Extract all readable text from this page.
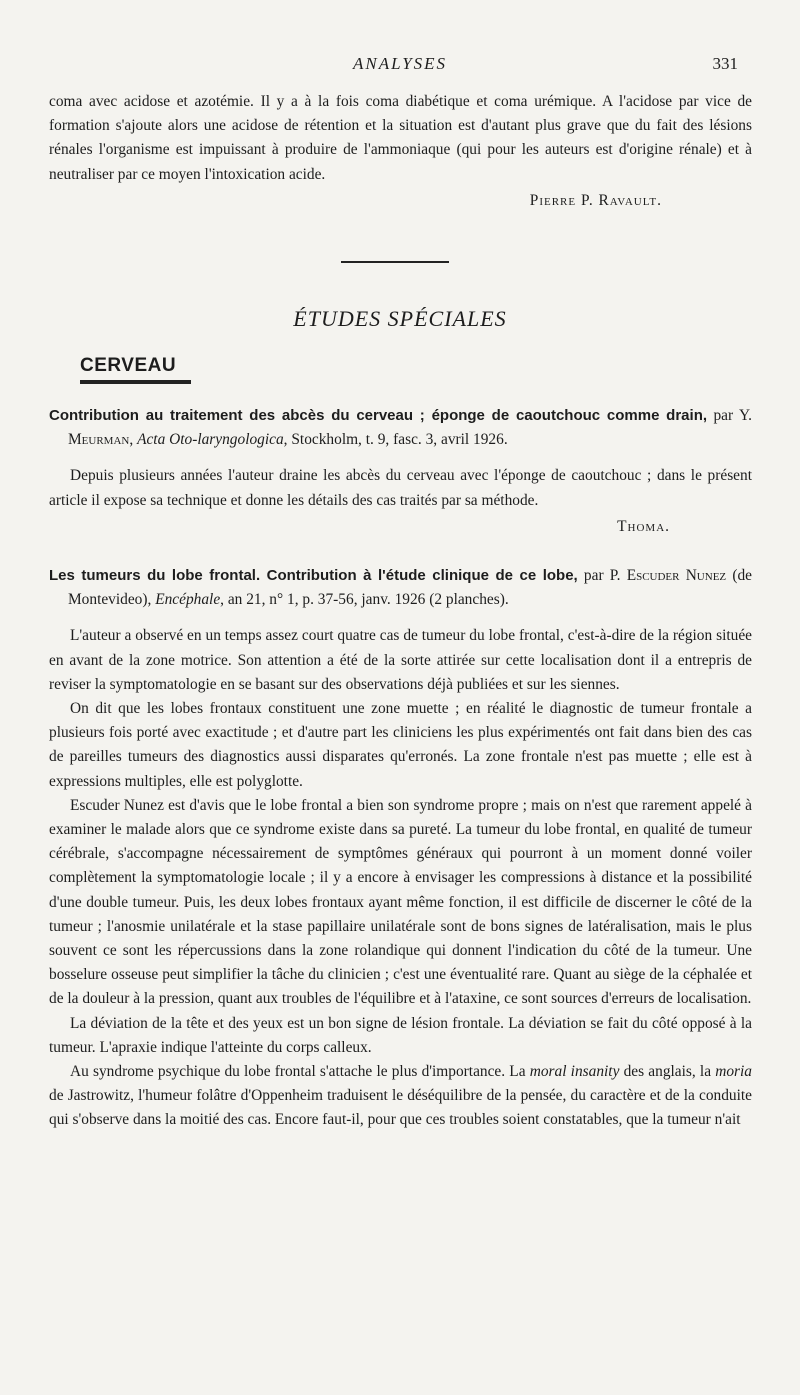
ANALYSES	331

coma avec acidose et azotémie. Il y a à la fois coma diabétique et coma urémique. A l'acidose par vice de formation s'ajoute alors une acidose de rétention et la situation est d'autant plus grave que du fait des lésions rénales l'organisme est impuissant à produire de l'ammoniaque (qui pour les auteurs est d'origine rénale) et à neutraliser par ce moyen l'intoxication acide.

Pierre P. Ravault.

ÉTUDES SPÉCIALES
CERVEAU

Contribution au traitement des abcès du cerveau ; éponge de caoutchouc comme drain, par Y. Meurman, Acta Oto-laryngologica, Stockholm, t. 9, fasc. 3, avril 1926.

Depuis plusieurs années l'auteur draine les abcès du cerveau avec l'éponge de caoutchouc ; dans le présent article il expose sa technique et donne les détails des cas traités par sa méthode.

Thoma.

Les tumeurs du lobe frontal. Contribution à l'étude clinique de ce lobe, par P. Escuder Nunez (de Montevideo), Encéphale, an 21, n° 1, p. 37-56, janv. 1926 (2 planches).

L'auteur a observé en un temps assez court quatre cas de tumeur du lobe frontal, c'est-à-dire de la région située en avant de la zone motrice. Son attention a été de la sorte attirée sur cette localisation dont il a entrepris de reviser la symptomatologie en se basant sur des observations déjà publiées et sur les siennes.

On dit que les lobes frontaux constituent une zone muette ; en réalité le diagnostic de tumeur frontale a plusieurs fois porté avec exactitude ; et d'autre part les cliniciens les plus expérimentés ont fait dans bien des cas de pareilles tumeurs des diagnostics aussi disparates qu'erronés. La zone frontale n'est pas muette ; elle est à expressions multiples, elle est polyglotte.

Escuder Nunez est d'avis que le lobe frontal a bien son syndrome propre ; mais on n'est que rarement appelé à examiner le malade alors que ce syndrome existe dans sa pureté. La tumeur du lobe frontal, en qualité de tumeur cérébrale, s'accompagne nécessairement de symptômes généraux qui pourront à un moment donné voiler complètement la symptomatologie locale ; il y a encore à envisager les compressions à distance et la possibilité d'une double tumeur. Puis, les deux lobes frontaux ayant même fonction, il est difficile de discerner le côté de la tumeur ; l'anosmie unilatérale et la stase papillaire unilatérale sont de bons signes de latéralisation, mais le plus souvent ce sont les répercussions dans la zone rolandique qui donnent l'indication du côté de la tumeur. Une bosselure osseuse peut simplifier la tâche du clinicien ; c'est une éventualité rare. Quant au siège de la céphalée et de la douleur à la pression, quant aux troubles de l'équilibre et à l'ataxine, ce sont sources d'erreurs de localisation.

La déviation de la tête et des yeux est un bon signe de lésion frontale. La déviation se fait du côté opposé à la tumeur. L'apraxie indique l'atteinte du corps calleux.

Au syndrome psychique du lobe frontal s'attache le plus d'importance. La moral insanity des anglais, la moria de Jastrowitz, l'humeur folâtre d'Oppenheim traduisent le déséquilibre de la pensée, du caractère et de la conduite qui s'observe dans la moitié des cas. Encore faut-il, pour que ces troubles soient constatables, que la tumeur n'ait
